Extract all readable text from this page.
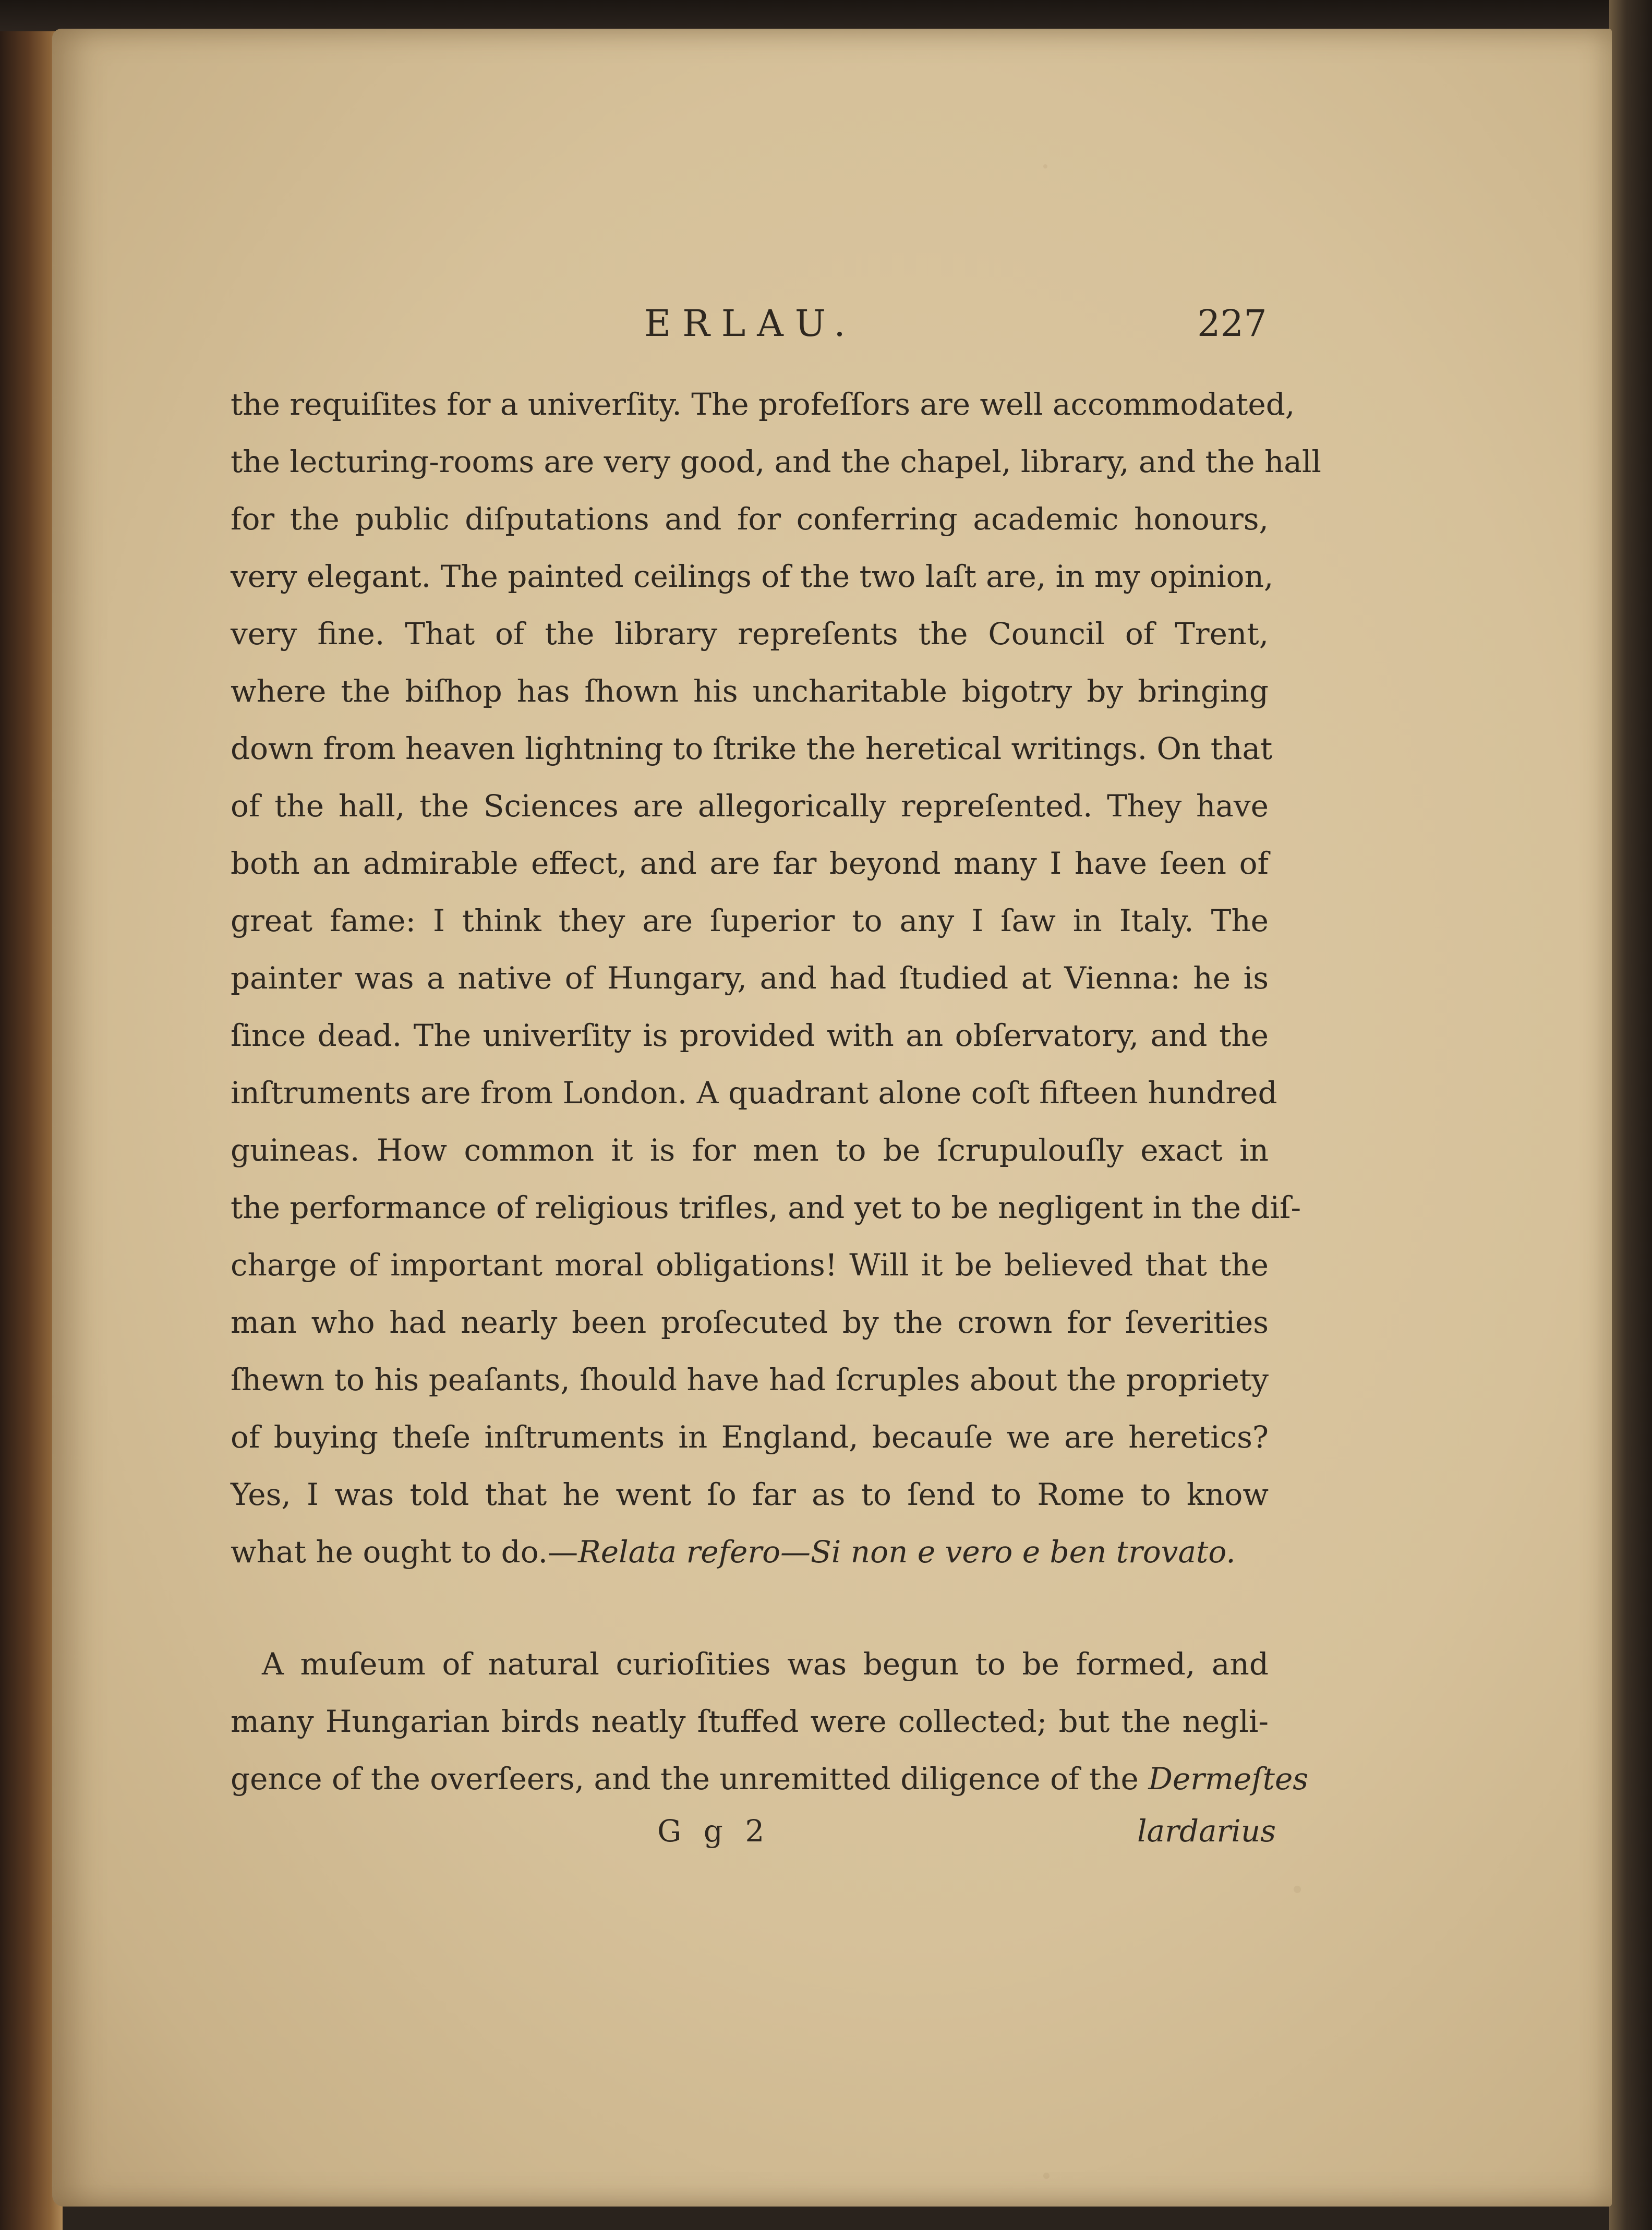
ERLAU.	227
the requiſites for a univerſity. The profeſſors are well accommodated,
the lecturing-rooms are very good, and the chapel, library, and the hall
for the public diſputations and for conferring academic honours,
very elegant. The painted ceilings of the two laſt are, in my opinion,
very fine. That of the library repreſents the Council of Trent,
where the biſhop has ſhown his uncharitable bigotry by bringing
down from heaven lightning to ſtrike the heretical writings. On that
of the hall, the Sciences are allegorically repreſented. They have
both an admirable effect, and are far beyond many I have ſeen of
great fame: I think they are ſuperior to any I ſaw in Italy. The
painter was a native of Hungary, and had ſtudied at Vienna: he is
ſince dead. The univerſity is provided with an obſervatory, and the
inſtruments are from London. A quadrant alone coſt fifteen hundred
guineas. How common it is for men to be ſcrupulouſly exact in
the performance of religious trifles, and yet to be negligent in the diſ-
charge of important moral obligations! Will it be believed that the
man who had nearly been proſecuted by the crown for ſeverities
ſhewn to his peaſants, ſhould have had ſcruples about the propriety
of buying theſe inſtruments in England, becauſe we are heretics?
Yes, I was told that he went ſo far as to ſend to Rome to know
what he ought to do.—Relata refero—Si non e vero e ben trovato.
A muſeum of natural curioſities was begun to be formed, and
many Hungarian birds neatly ſtuffed were collected; but the negli-
gence of the overſeers, and the unremitted diligence of the Dermeſtes
G g 2	lardarius
